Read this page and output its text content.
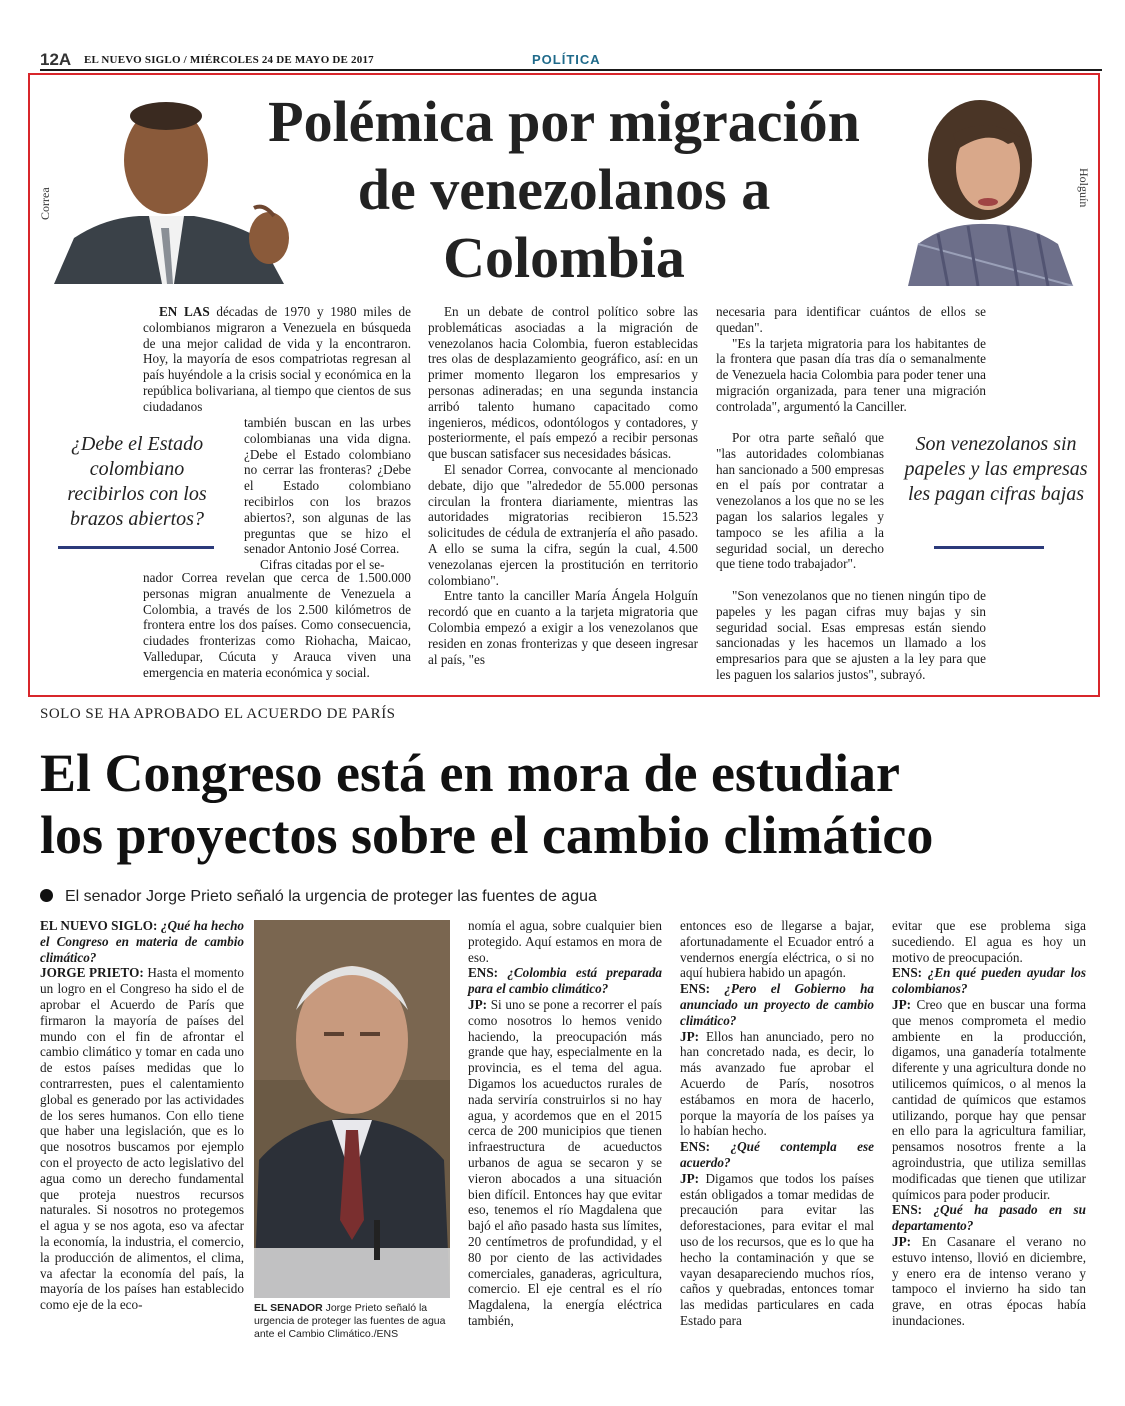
12A EL NUEVO SIGLO / MIÉRCOLES 24 DE MAYO DE 2017	POLÍTICA
Correa	Holguín
Polémica por migración de venezolanos a Colombia

EN LAS décadas de 1970 y 1980 miles de colombianos migraron a Venezuela en búsqueda de una mejor calidad de vida y la encontraron. Hoy, la mayoría de esos compatriotas regresan al país huyéndole a la crisis social y económica en la república bolivariana, al tiempo que cientos de sus ciudadanos

también buscan en las urbes colombianas una vida digna. ¿Debe el Estado colombiano no cerrar las fronteras? ¿Debe el Estado colombiano recibirlos con los brazos abiertos?, son algunas de las preguntas que se hizo el senador Antonio José Correa.

Cifras citadas por el se-

nador Correa revelan que cerca de 1.500.000 personas migran anualmente de Venezuela a Colombia, a través de los 2.500 kilómetros de frontera entre los dos países. Como consecuencia, ciudades fronterizas como Riohacha, Maicao, Valledupar, Cúcuta y Arauca viven una emergencia en materia económica y social.

¿Debe el Estado colombiano recibirlos con los brazos abiertos?

En un debate de control político sobre las problemáticas asociadas a la migración de venezolanos hacia Colombia, fueron establecidas tres olas de desplazamiento geográfico, así: en un primer momento llegaron los empresarios y personas adineradas; en una segunda instancia arribó talento humano capacitado como ingenieros, médicos, odontólogos y contadores, y posteriormente, el país empezó a recibir personas que buscan satisfacer sus necesidades básicas.

El senador Correa, convocante al mencionado debate, dijo que "alrededor de 55.000 personas circulan la frontera diariamente, mientras las autoridades migratorias recibieron 15.523 solicitudes de cédula de extranjería el año pasado. A ello se suma la cifra, según la cual, 4.500 venezolanas ejercen la prostitución en territorio colombiano".

Entre tanto la canciller María Ángela Holguín recordó que en cuanto a la tarjeta migratoria que Colombia empezó a exigir a los venezolanos que residen en zonas fronterizas y que deseen ingresar al país, "es

necesaria para identificar cuántos de ellos se quedan".

"Es la tarjeta migratoria para los habitantes de la frontera que pasan día tras día o semanalmente de Venezuela hacia Colombia para poder tener una migración organizada, para tener una migración controlada", argumentó la Canciller.

Por otra parte señaló que "las autoridades colombianas han sancionado a 500 empresas en el país por contratar a venezolanos a los que no se les pagan los salarios legales y tampoco se les afilia a la seguridad social, un derecho que tiene todo trabajador".

"Son venezolanos que no tienen ningún tipo de papeles y les pagan cifras muy bajas y sin seguridad social. Esas empresas están siendo sancionadas y les hacemos un llamado a los empresarios para que se ajusten a la ley para que les paguen los salarios justos", subrayó.

Son venezolanos sin papeles y las empresas les pagan cifras bajas
SOLO SE HA APROBADO EL ACUERDO DE PARÍS
El Congreso está en mora de estudiar
los proyectos sobre el cambio climático
El senador Jorge Prieto señaló la urgencia de proteger las fuentes de agua

EL NUEVO SIGLO: ¿Qué ha hecho el Congreso en materia de cambio climático?

JORGE PRIETO: Hasta el momento un logro en el Congreso ha sido el de aprobar el Acuerdo de París que firmaron la mayoría de países del mundo con el fin de afrontar el cambio climático y tomar en cada uno de estos países medidas que lo contrarresten, pues el calentamiento global es generado por las actividades de los seres humanos. Con ello tiene que haber una legislación, que es lo que nosotros buscamos por ejemplo con el proyecto de acto legislativo del agua como un derecho fundamental que proteja nuestros recursos naturales. Si nosotros no protegemos el agua y se nos agota, eso va afectar la economía, la industria, el comercio, la producción de alimentos, el clima, va afectar la economía del país, la mayoría de los países han establecido como eje de la eco-	EL SENADOR Jorge Prieto señaló la urgencia de proteger las fuentes de agua ante el Cambio Climático./ENS

nomía el agua, sobre cualquier bien protegido. Aquí estamos en mora de eso.

ENS: ¿Colombia está preparada para el cambio climático?

JP: Si uno se pone a recorrer el país como nosotros lo hemos venido haciendo, la preocupación más grande que hay, especialmente en la provincia, es el tema del agua. Digamos los acueductos rurales de nada serviría construirlos si no hay agua, y acordemos que en el 2015 cerca de 200 municipios que tienen infraestructura de acueductos urbanos de agua se secaron y se vieron abocados a una situación bien difícil. Entonces hay que evitar eso, tenemos el río Magdalena que bajó el año pasado hasta sus límites, 20 centímetros de profundidad, y el 80 por ciento de las actividades comerciales, ganaderas, agricultura, comercio. El eje central es el río Magdalena, la energía eléctrica también,

entonces eso de llegarse a bajar, afortunadamente el Ecuador entró a vendernos energía eléctrica, o si no aquí hubiera habido un apagón.

ENS: ¿Pero el Gobierno ha anunciado un proyecto de cambio climático?

JP: Ellos han anunciado, pero no han concretado nada, es decir, lo más avanzado fue aprobar el Acuerdo de París, nosotros estábamos en mora de hacerlo, porque la mayoría de los países ya lo habían hecho.

ENS: ¿Qué contempla ese acuerdo?

JP: Digamos que todos los países están obligados a tomar medidas de precaución para evitar las deforestaciones, para evitar el mal uso de los recursos, que es lo que ha hecho la contaminación y que se vayan desapareciendo muchos ríos, caños y quebradas, entonces tomar las medidas particulares en cada Estado para

evitar que ese problema siga sucediendo. El agua es hoy un motivo de preocupación.

ENS: ¿En qué pueden ayudar los colombianos?

JP: Creo que en buscar una forma que menos comprometa el medio ambiente en la producción, digamos, una ganadería totalmente diferente y una agricultura donde no utilicemos químicos, o al menos la cantidad de químicos que estamos utilizando, porque hay que pensar en ello para la agricultura familiar, pensamos nosotros frente a la agroindustria, que utiliza semillas modificadas que tienen que utilizar químicos para poder producir.

ENS: ¿Qué ha pasado en su departamento?

JP: En Casanare el verano no estuvo intenso, llovió en diciembre, y enero era de intenso verano y tampoco el invierno ha sido tan grave, en otras épocas había inundaciones.
